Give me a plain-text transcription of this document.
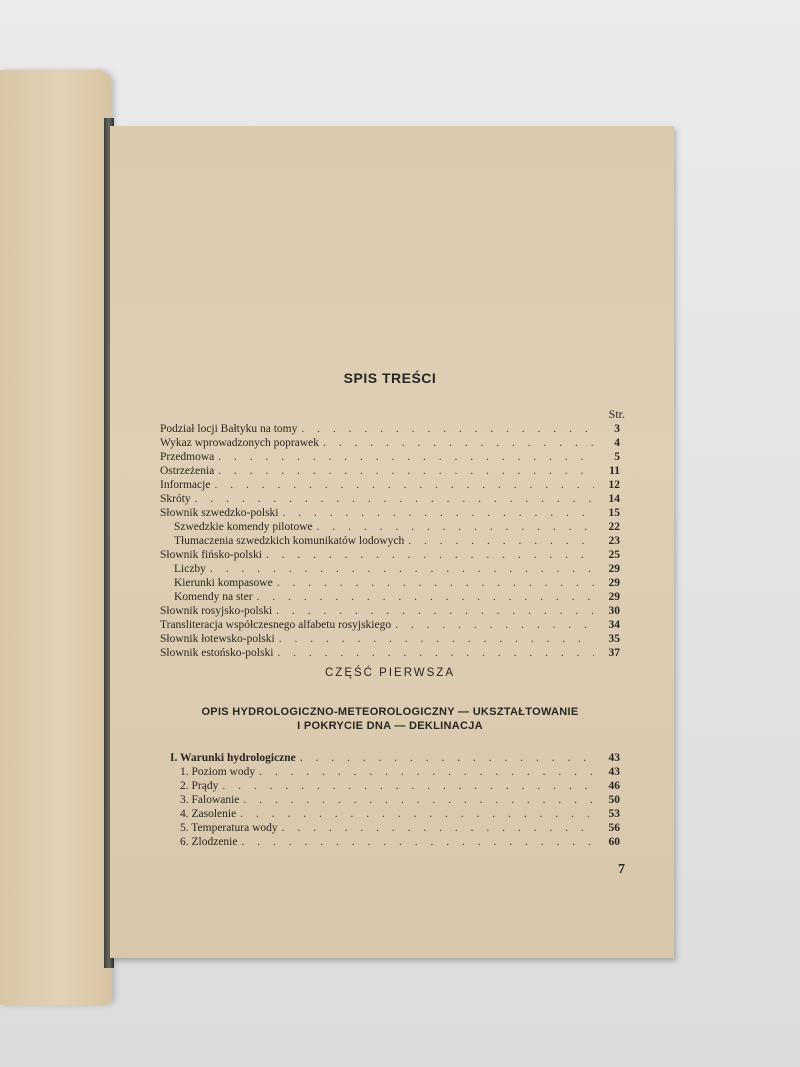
SPIS TREŚCI
Str.
Podział locji Bałtyku na tomy . . .	3
Wykaz wprowadzonych poprawek . . .	4
Przedmowa . . .	5
Ostrzeżenia . . .	11
Informacje . . .	12
Skróty . . .	14
Słownik szwedzko-polski . . .	15
Szwedzkie komendy pilotowe . . .	22
Tłumaczenia szwedzkich komunikatów lodowych . . .	23
Słownik fińsko-polski . . .	25
Liczby . . .	29
Kierunki kompasowe . . .	29
Komendy na ster . . .	29
Słownik rosyjsko-polski . . .	30
Transliteracja współczesnego alfabetu rosyjskiego . . .	34
Słownik łotewsko-polski . . .	35
Słownik estońsko-polski . . .	37
CZĘŚĆ PIERWSZA
OPIS HYDROLOGICZNO-METEOROLOGICZNY — UKSZTAŁTOWANIE
I POKRYCIE DNA — DEKLINACJA
I. Warunki hydrologiczne . . .	43
1. Poziom wody . . .	43
2. Prądy . . .	46
3. Falowanie . . .	50
4. Zasolenie . . .	53
5. Temperatura wody . . .	56
6. Zlodzenie . . .	60
7
